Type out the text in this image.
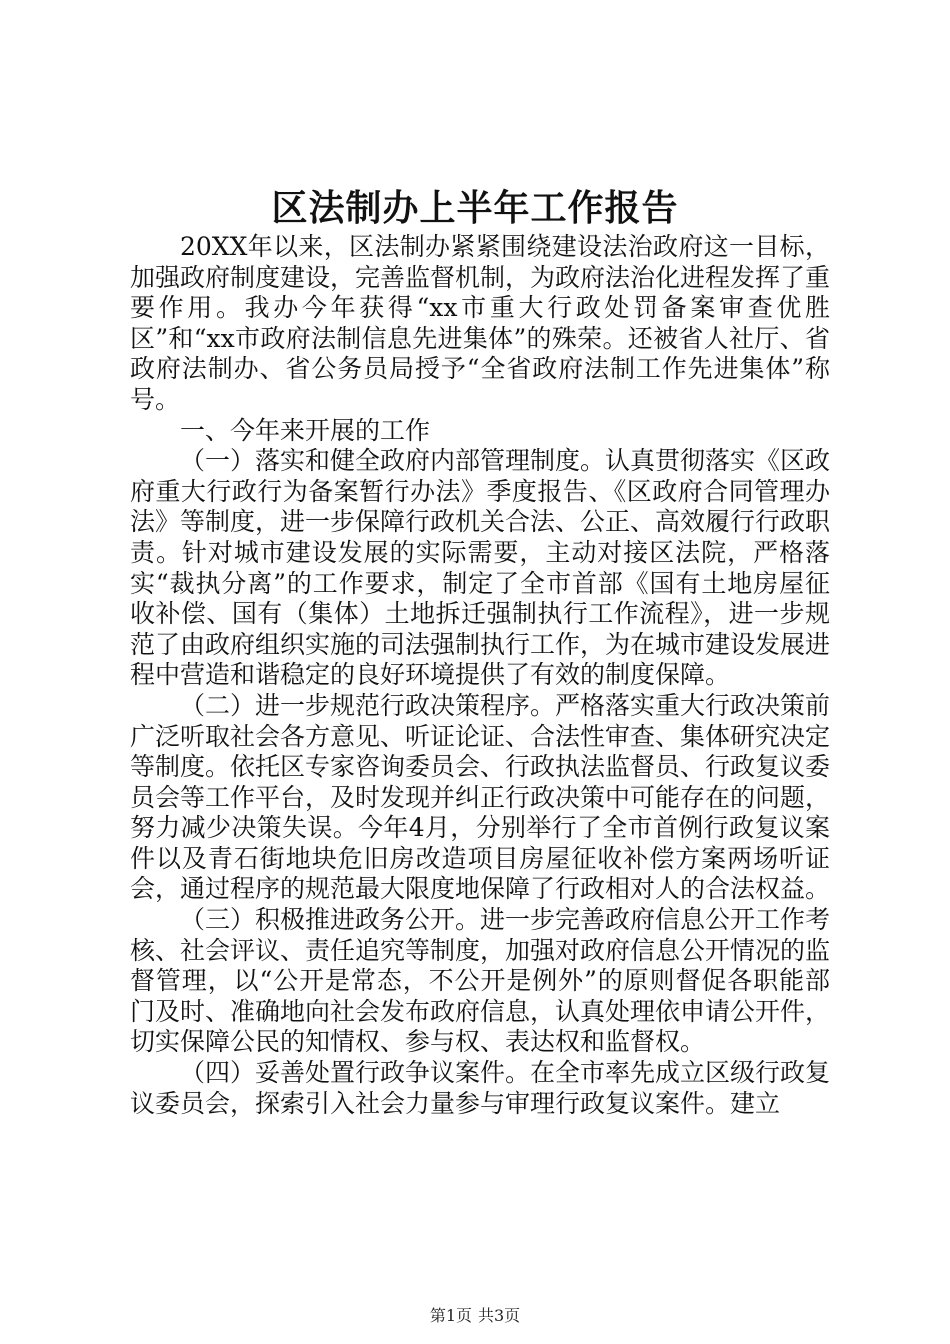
区法制办上半年工作报告

20XX年以来，区法制办紧紧围绕建设法治政府这一目标，加强政府制度建设，完善监督机制，为政府法治化进程发挥了重要作用。我办今年获得“xx市重大行政处罚备案审查优胜区”和“xx市政府法制信息先进集体”的殊荣。还被省人社厅、省政府法制办、省公务员局授予“全省政府法制工作先进集体”称号。

一、今年来开展的工作

（一）落实和健全政府内部管理制度。认真贯彻落实《区政府重大行政行为备案暂行办法》季度报告、《区政府合同管理办法》等制度，进一步保障行政机关合法、公正、高效履行行政职责。针对城市建设发展的实际需要，主动对接区法院，严格落实“裁执分离”的工作要求，制定了全市首部《国有土地房屋征收补偿、国有（集体）土地拆迁强制执行工作流程》，进一步规范了由政府组织实施的司法强制执行工作，为在城市建设发展进程中营造和谐稳定的良好环境提供了有效的制度保障。

（二）进一步规范行政决策程序。严格落实重大行政决策前广泛听取社会各方意见、听证论证、合法性审查、集体研究决定等制度。依托区专家咨询委员会、行政执法监督员、行政复议委员会等工作平台，及时发现并纠正行政决策中可能存在的问题，努力减少决策失误。今年4月，分别举行了全市首例行政复议案件以及青石街地块危旧房改造项目房屋征收补偿方案两场听证会，通过程序的规范最大限度地保障了行政相对人的合法权益。

（三）积极推进政务公开。进一步完善政府信息公开工作考核、社会评议、责任追究等制度，加强对政府信息公开情况的监督管理，以“公开是常态，不公开是例外”的原则督促各职能部门及时、准确地向社会发布政府信息，认真处理依申请公开件，切实保障公民的知情权、参与权、表达权和监督权。

（四）妥善处置行政争议案件。在全市率先成立区级行政复议委员会，探索引入社会力量参与审理行政复议案件。建立

第1页 共3页
